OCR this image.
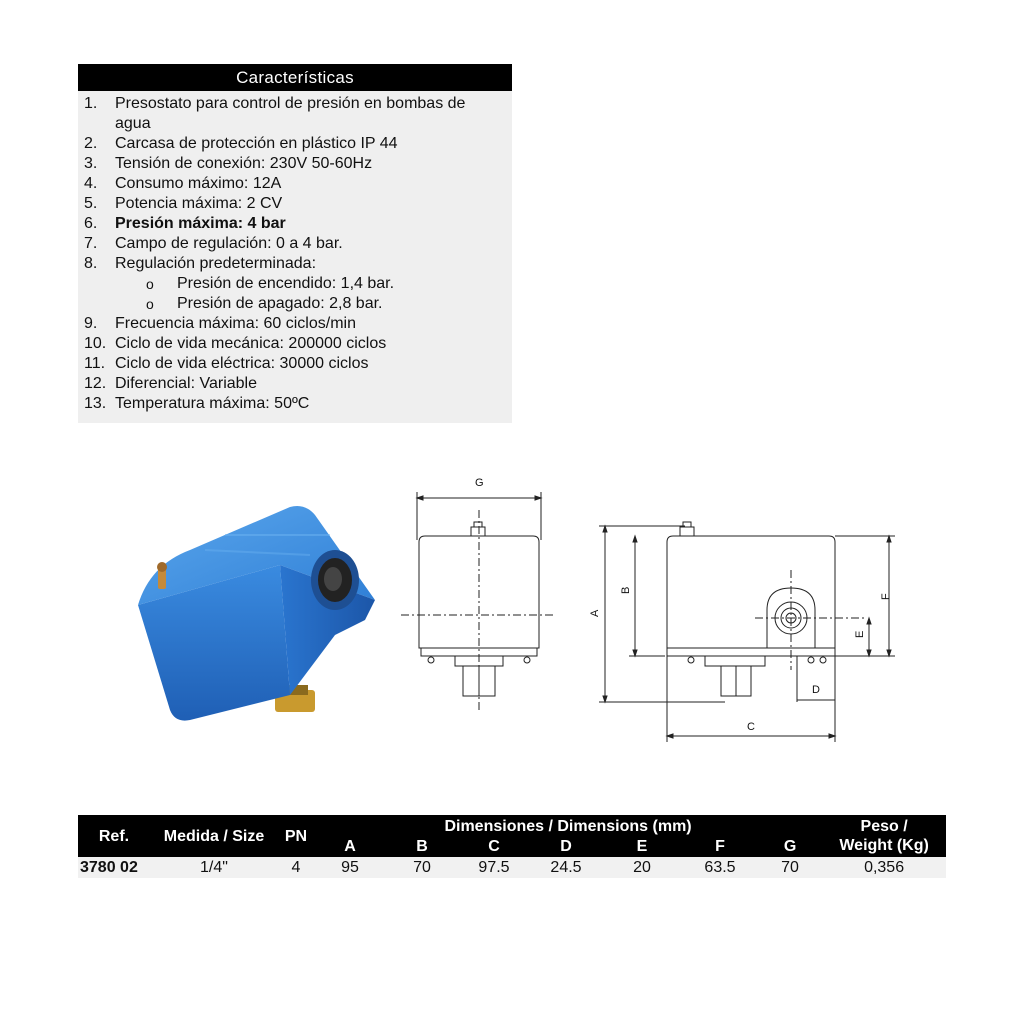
Características
1. Presostato para control de presión en bombas de agua
2. Carcasa de protección en plástico IP 44
3. Tensión de conexión: 230V 50-60Hz
4. Consumo máximo: 12A
5. Potencia máxima: 2 CV
6. Presión máxima: 4 bar
7. Campo de regulación: 0 a 4 bar.
8. Regulación predeterminada:
o Presión de encendido: 1,4 bar.
o Presión de apagado: 2,8 bar.
9. Frecuencia máxima: 60 ciclos/min
10. Ciclo de vida mecánica: 200000 ciclos
11. Ciclo de vida eléctrica: 30000 ciclos
12. Diferencial: Variable
13. Temperatura máxima: 50ºC
G
A
B
C
D
E
F
Ref.	Medida / Size	PN	Dimensiones / Dimensions (mm)							Peso /
			A	B	C	D	E	F	G	Weight (Kg)
3780 02	1/4"	4	95	70	97.5	24.5	20	63.5	70	0,356
